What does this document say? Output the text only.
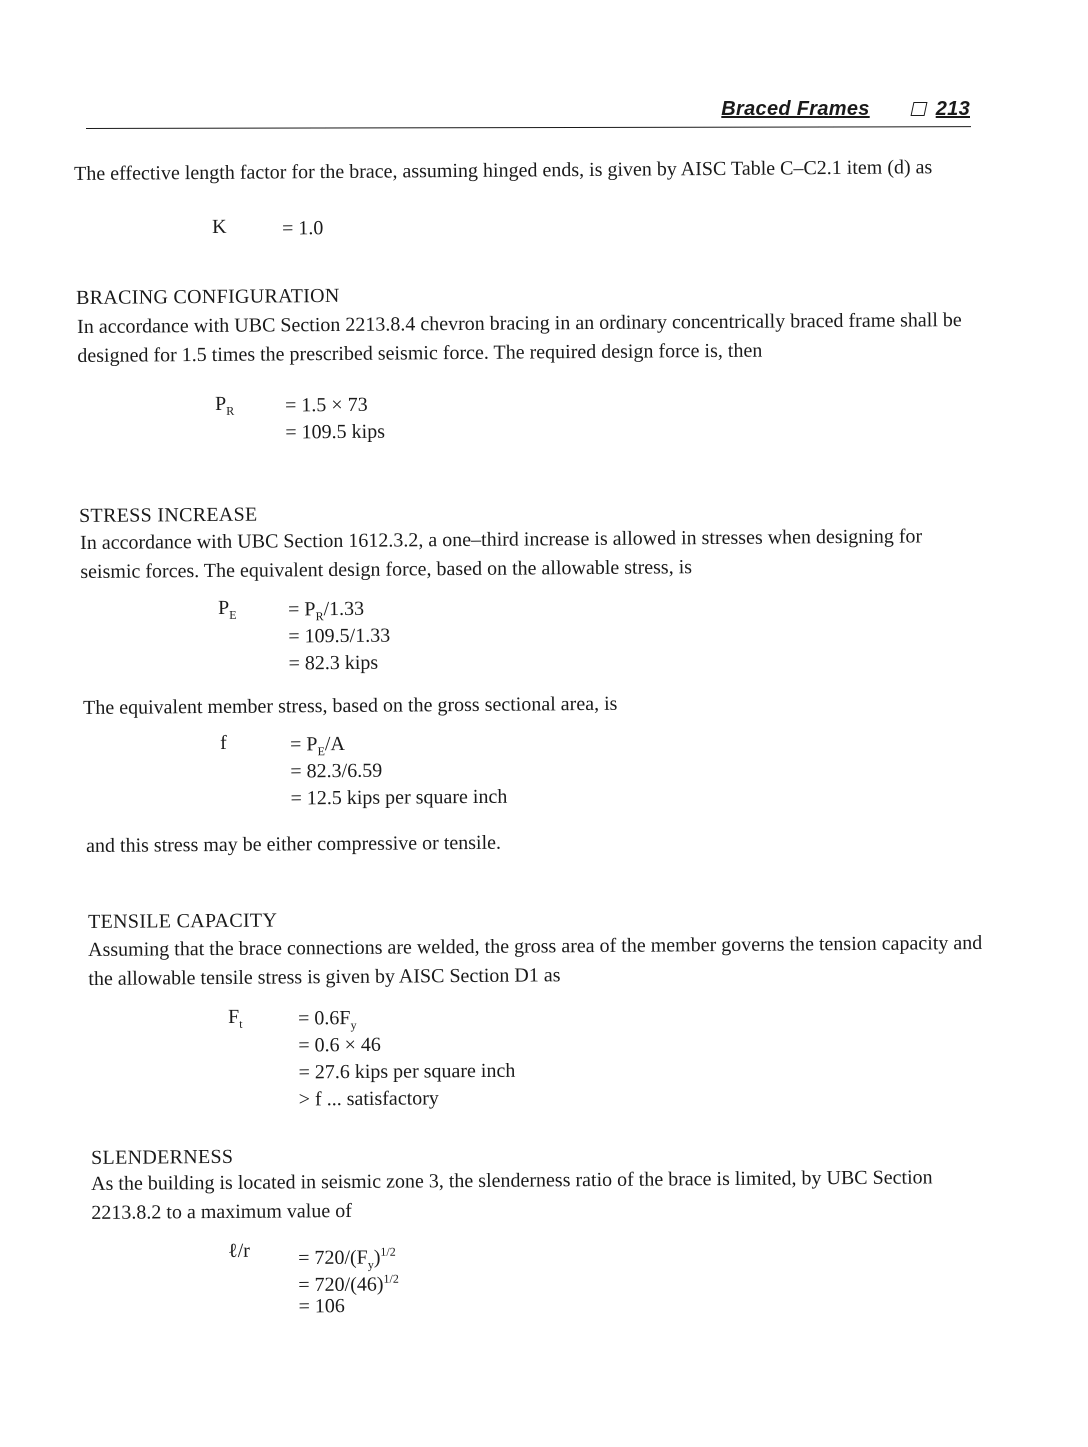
Braced Frames	213
The effective length factor for the brace, assuming hinged ends, is given by AISC Table C–C2.1 item (d) as
K	= 1.0
BRACING CONFIGURATION
In accordance with UBC Section 2213.8.4 chevron bracing in an ordinary concentrically braced frame shall be designed for 1.5 times the prescribed seismic force. The required design force is, then
$P_R$	= 1.5 × 73
= 109.5 kips
STRESS INCREASE
In accordance with UBC Section 1612.3.2, a one–third increase is allowed in stresses when designing for seismic forces. The equivalent design force, based on the allowable stress, is
$P_E$	= $P_R/1.33$
= 109.5/1.33
= 82.3 kips
The equivalent member stress, based on the gross sectional area, is
f	= $P_E/A$
= 82.3/6.59
= 12.5 kips per square inch
and this stress may be either compressive or tensile.
TENSILE CAPACITY
Assuming that the brace connections are welded, the gross area of the member governs the tension capacity and the allowable tensile stress is given by AISC Section D1 as
$F_t$	= $0.6F_y$
= 0.6 × 46
= 27.6 kips per square inch
> f ... satisfactory
SLENDERNESS
As the building is located in seismic zone 3, the slenderness ratio of the brace is limited, by UBC Section 2213.8.2 to a maximum value of
ℓ/r	= $720/(F_y)^{1/2}$
= $720/(46)^{1/2}$
= 106
